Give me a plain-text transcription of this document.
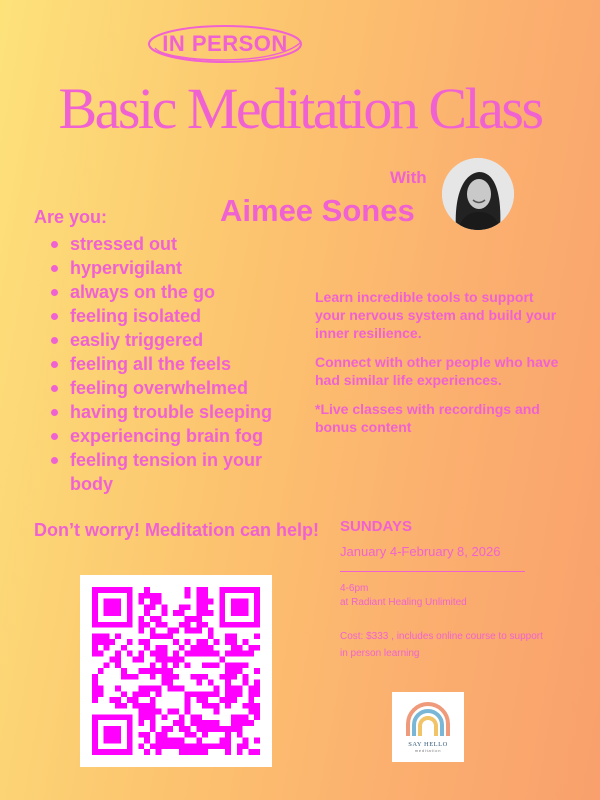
IN PERSON
Basic Meditation Class
With
Aimee Sones
Are you:
stressed out
hypervigilant
always on the go
feeling isolated
easliy triggered
feeling all the feels
feeling overwhelmed
having trouble sleeping
experiencing brain fog
feeling tension in your body

Learn incredible tools to support your nervous system and build your inner resilience.

Connect with other people who have had similar life experiences.

*Live classes with recordings and bonus content

Don’t worry! Meditation can help! SUNDAYS
January 4-February 8, 2026
4-6pm
at Radiant Healing Unlimited
Cost: $333 , includes online course to support in person learning
SAY HELLO
meditation
